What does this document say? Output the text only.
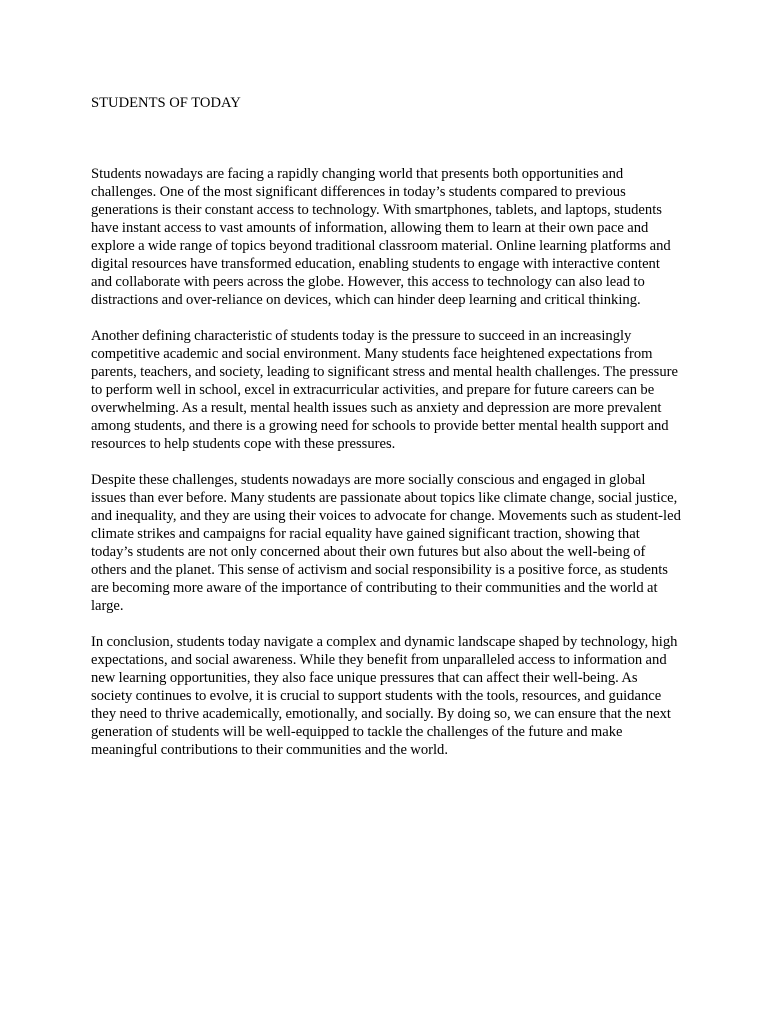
STUDENTS OF TODAY

Students nowadays are facing a rapidly changing world that presents both opportunities and challenges. One of the most significant differences in today’s students compared to previous generations is their constant access to technology. With smartphones, tablets, and laptops, students have instant access to vast amounts of information, allowing them to learn at their own pace and explore a wide range of topics beyond traditional classroom material. Online learning platforms and digital resources have transformed education, enabling students to engage with interactive content and collaborate with peers across the globe. However, this access to technology can also lead to distractions and over-reliance on devices, which can hinder deep learning and critical thinking.

Another defining characteristic of students today is the pressure to succeed in an increasingly competitive academic and social environment. Many students face heightened expectations from parents, teachers, and society, leading to significant stress and mental health challenges. The pressure to perform well in school, excel in extracurricular activities, and prepare for future careers can be overwhelming. As a result, mental health issues such as anxiety and depression are more prevalent among students, and there is a growing need for schools to provide better mental health support and resources to help students cope with these pressures.

Despite these challenges, students nowadays are more socially conscious and engaged in global issues than ever before. Many students are passionate about topics like climate change, social justice, and inequality, and they are using their voices to advocate for change. Movements such as student-led climate strikes and campaigns for racial equality have gained significant traction, showing that today’s students are not only concerned about their own futures but also about the well-being of others and the planet. This sense of activism and social responsibility is a positive force, as students are becoming more aware of the importance of contributing to their communities and the world at large.

In conclusion, students today navigate a complex and dynamic landscape shaped by technology, high expectations, and social awareness. While they benefit from unparalleled access to information and new learning opportunities, they also face unique pressures that can affect their well-being. As society continues to evolve, it is crucial to support students with the tools, resources, and guidance they need to thrive academically, emotionally, and socially. By doing so, we can ensure that the next generation of students will be well-equipped to tackle the challenges of the future and make meaningful contributions to their communities and the world.
